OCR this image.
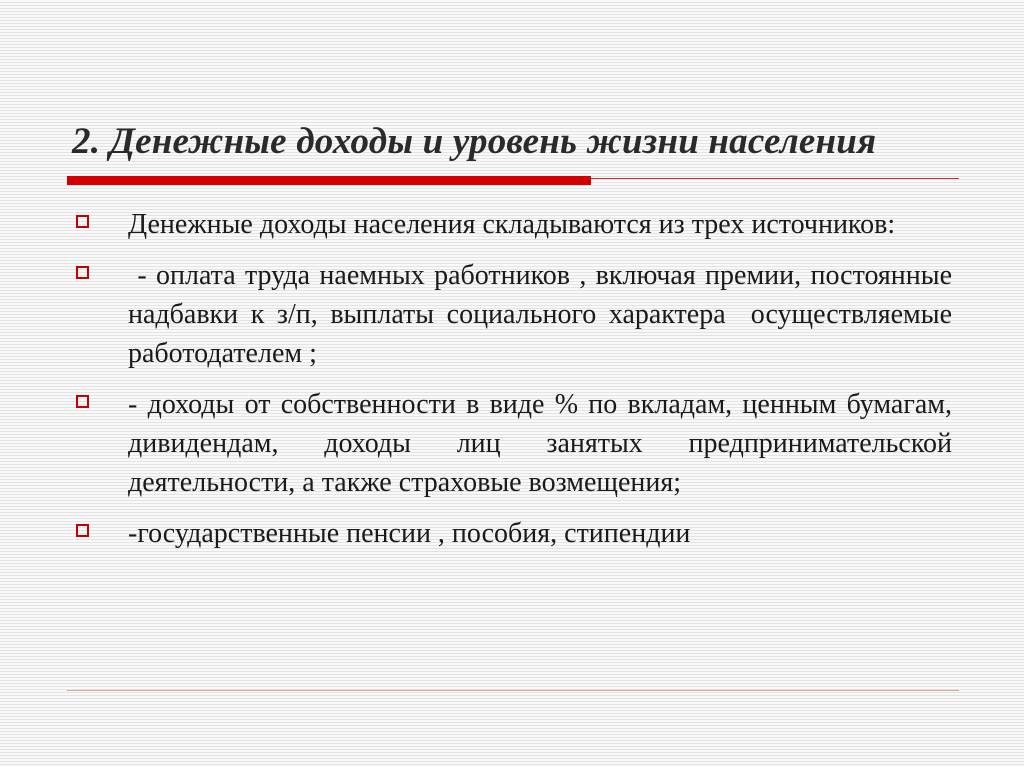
2. Денежные доходы и уровень жизни населения
Денежные доходы населения складываются из трех источников:
- оплата труда наемных работников , включая премии, постоянные надбавки к з/п, выплаты социального характера  осуществляемые работодателем ;
- доходы от собственности в виде % по вкладам, ценным бумагам, дивидендам, доходы лиц занятых предпринимательской деятельности, а также страховые возмещения;
-государственные пенсии , пособия, стипендии
